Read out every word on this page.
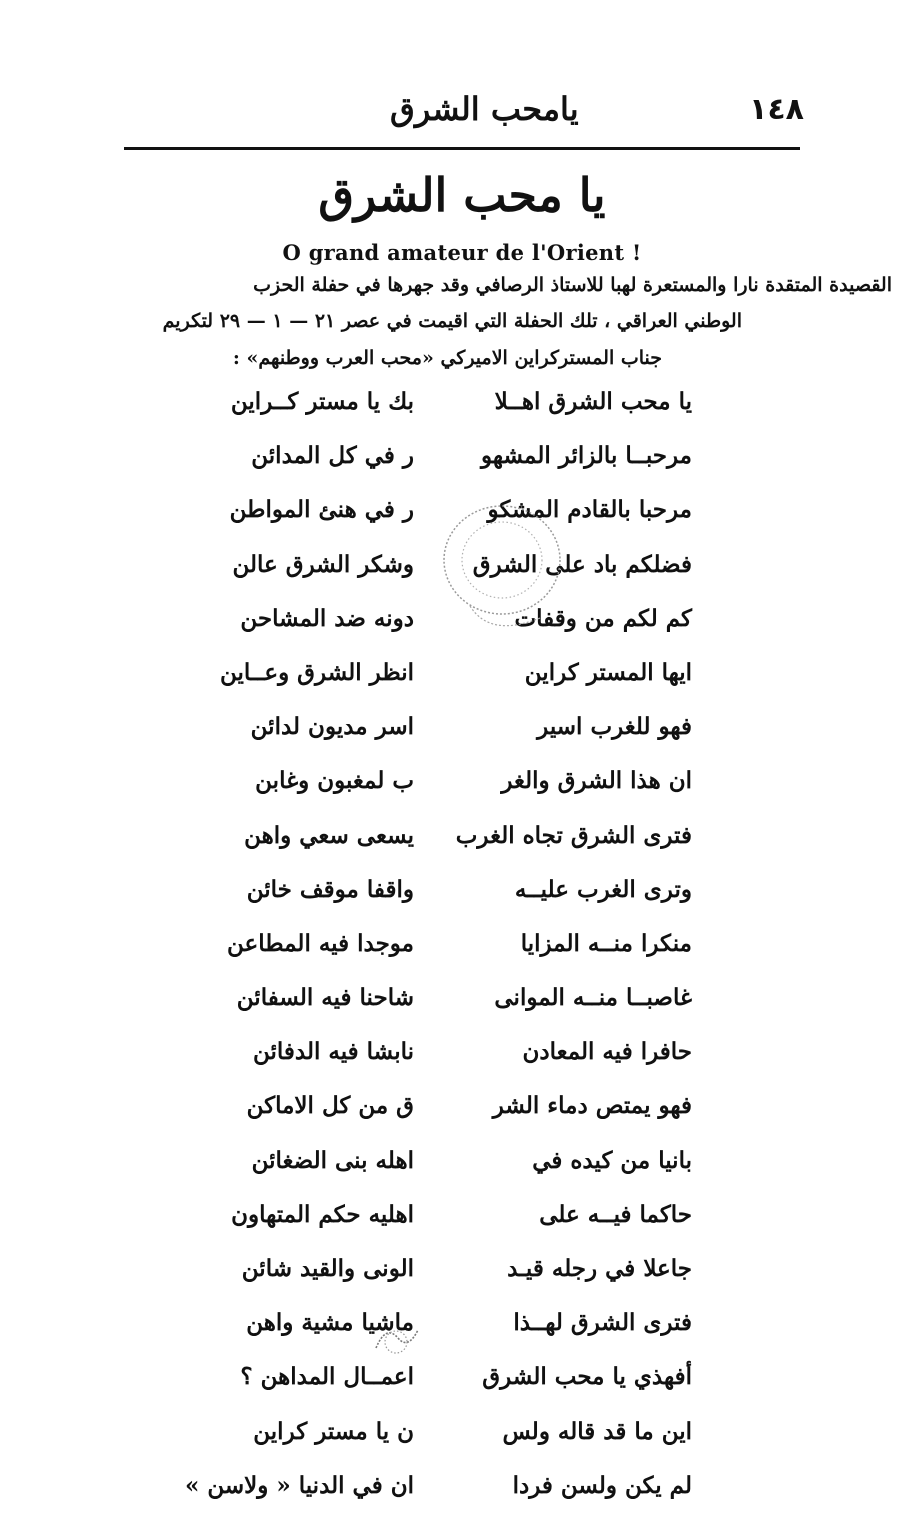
١٤٨
يامحب الشرق
يا محب الشرق
O grand amateur de l'Orient !
القصيدة المتقدة نارا والمستعرة لهبا للاستاذ الرصافي وقد جهرها في حفلة الحزب
الوطني العراقي ، تلك الحفلة التي اقيمت في عصر ٢١ — ١ — ٢٩ لتكريم
جناب المستركراين الاميركي «محب العرب ووطنهم» :
يا محب الشرق اهــلا
بك يا مستر كــراين
مرحبــا بالزائر المشهو
ر في كل المدائن
مرحبا بالقادم المشكو
ر في هنئ المواطن
فضلكم باد على الشرق
وشكر الشرق عالن
كم لكم من وقفات
دونه ضد المشاحن
ايها المستر كراين
انظر الشرق وعــاين
فهو للغرب اسير
اسر مديون لدائن
ان هذا الشرق والغر
ب لمغبون وغابن
فترى الشرق تجاه الغرب
يسعى سعي واهن
وترى الغرب عليــه
واقفا موقف خائن
منكرا منــه المزايا
موجدا فيه المطاعن
غاصبــا منــه الموانى
شاحنا فيه السفائن
حافرا فيه المعادن
نابشا فيه الدفائن
فهو يمتص دماء الشر
ق من كل الاماكن
بانيا من كيده في
اهله بنى الضغائن
حاكما فيــه على
اهليه حكم المتهاون
جاعلا في رجله قيـد
الونى والقيد شائن
فترى الشرق لهــذا
ماشيا مشية واهن
أفهذي يا محب الشرق
اعمــال المداهن ؟
اين ما قد قاله ولس
ن يا مستر كراين
لم يكن ولسن فردا
ان في الدنيا « ولاسن »
